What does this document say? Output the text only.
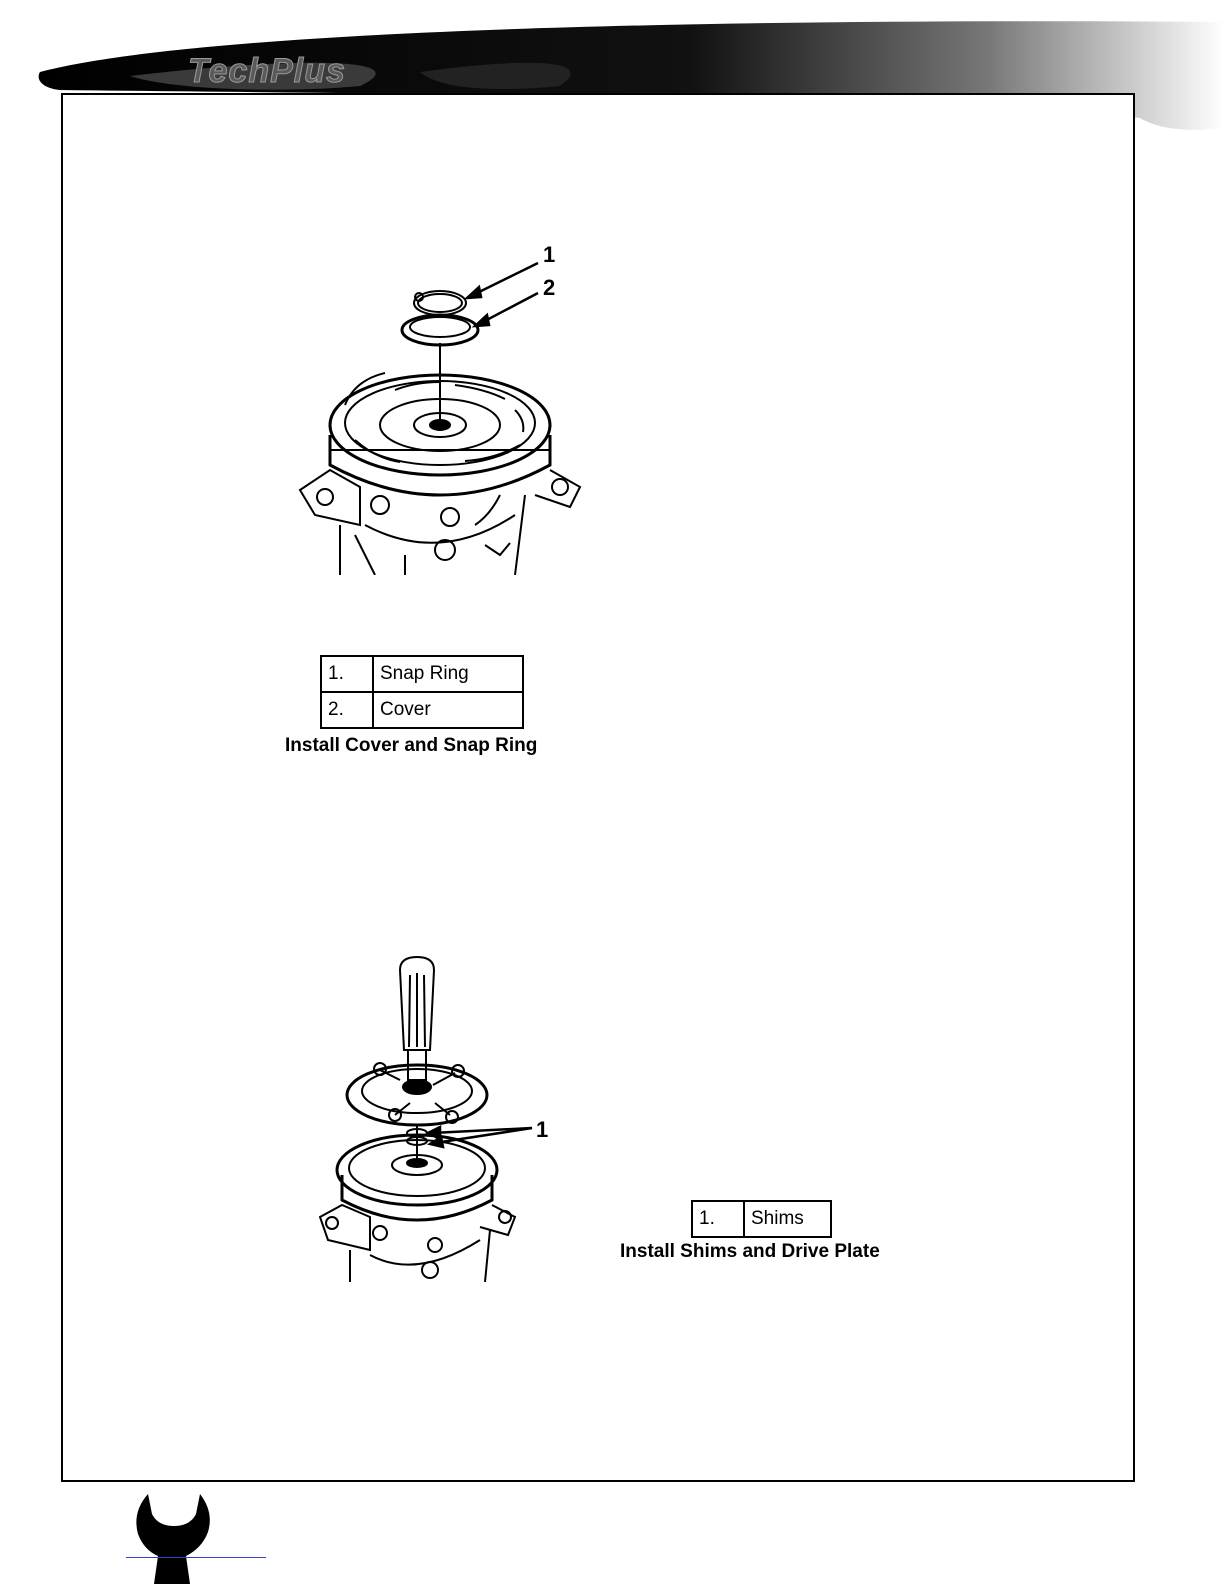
TechPlus
1
2
1.	Snap Ring
2.	Cover
Install Cover and Snap Ring
1
1.	Shims
Install Shims and Drive Plate
